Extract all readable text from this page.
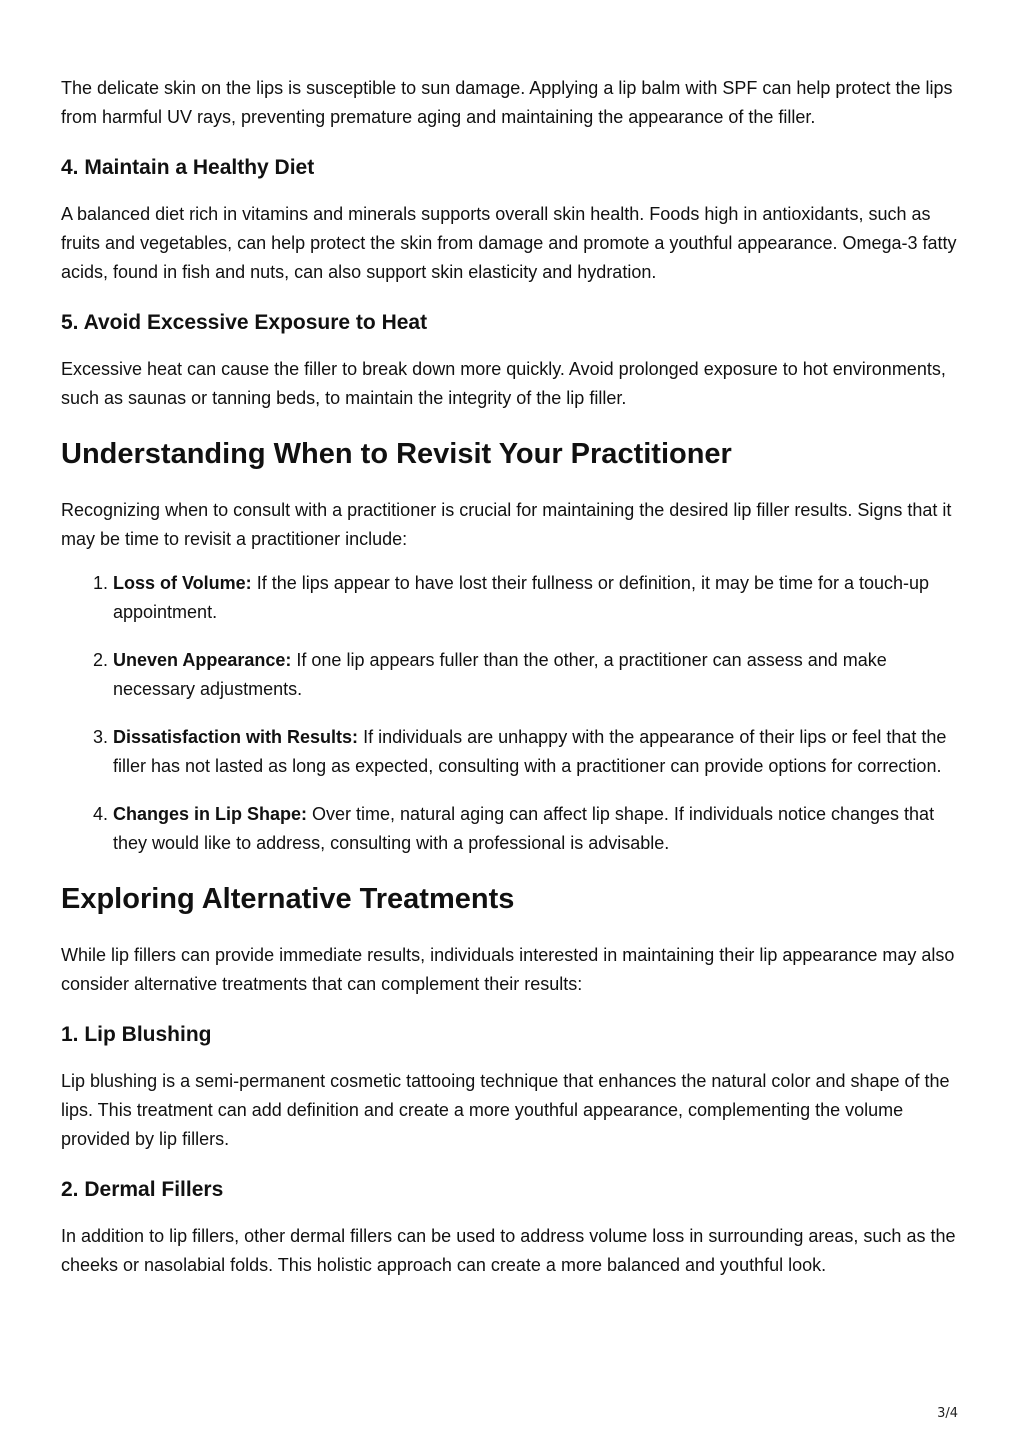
The delicate skin on the lips is susceptible to sun damage. Applying a lip balm with SPF can help protect the lips from harmful UV rays, preventing premature aging and maintaining the appearance of the filler.

4. Maintain a Healthy Diet

A balanced diet rich in vitamins and minerals supports overall skin health. Foods high in antioxidants, such as fruits and vegetables, can help protect the skin from damage and promote a youthful appearance. Omega-3 fatty acids, found in fish and nuts, can also support skin elasticity and hydration.

5. Avoid Excessive Exposure to Heat

Excessive heat can cause the filler to break down more quickly. Avoid prolonged exposure to hot environments, such as saunas or tanning beds, to maintain the integrity of the lip filler.

Understanding When to Revisit Your Practitioner

Recognizing when to consult with a practitioner is crucial for maintaining the desired lip filler results. Signs that it may be time to revisit a practitioner include:

1. Loss of Volume: If the lips appear to have lost their fullness or definition, it may be time for a touch-up appointment.
2. Uneven Appearance: If one lip appears fuller than the other, a practitioner can assess and make necessary adjustments.
3. Dissatisfaction with Results: If individuals are unhappy with the appearance of their lips or feel that the filler has not lasted as long as expected, consulting with a practitioner can provide options for correction.
4. Changes in Lip Shape: Over time, natural aging can affect lip shape. If individuals notice changes that they would like to address, consulting with a professional is advisable.
Exploring Alternative Treatments

While lip fillers can provide immediate results, individuals interested in maintaining their lip appearance may also consider alternative treatments that can complement their results:

1. Lip Blushing

Lip blushing is a semi-permanent cosmetic tattooing technique that enhances the natural color and shape of the lips. This treatment can add definition and create a more youthful appearance, complementing the volume provided by lip fillers.

2. Dermal Fillers

In addition to lip fillers, other dermal fillers can be used to address volume loss in surrounding areas, such as the cheeks or nasolabial folds. This holistic approach can create a more balanced and youthful look.

3/4
